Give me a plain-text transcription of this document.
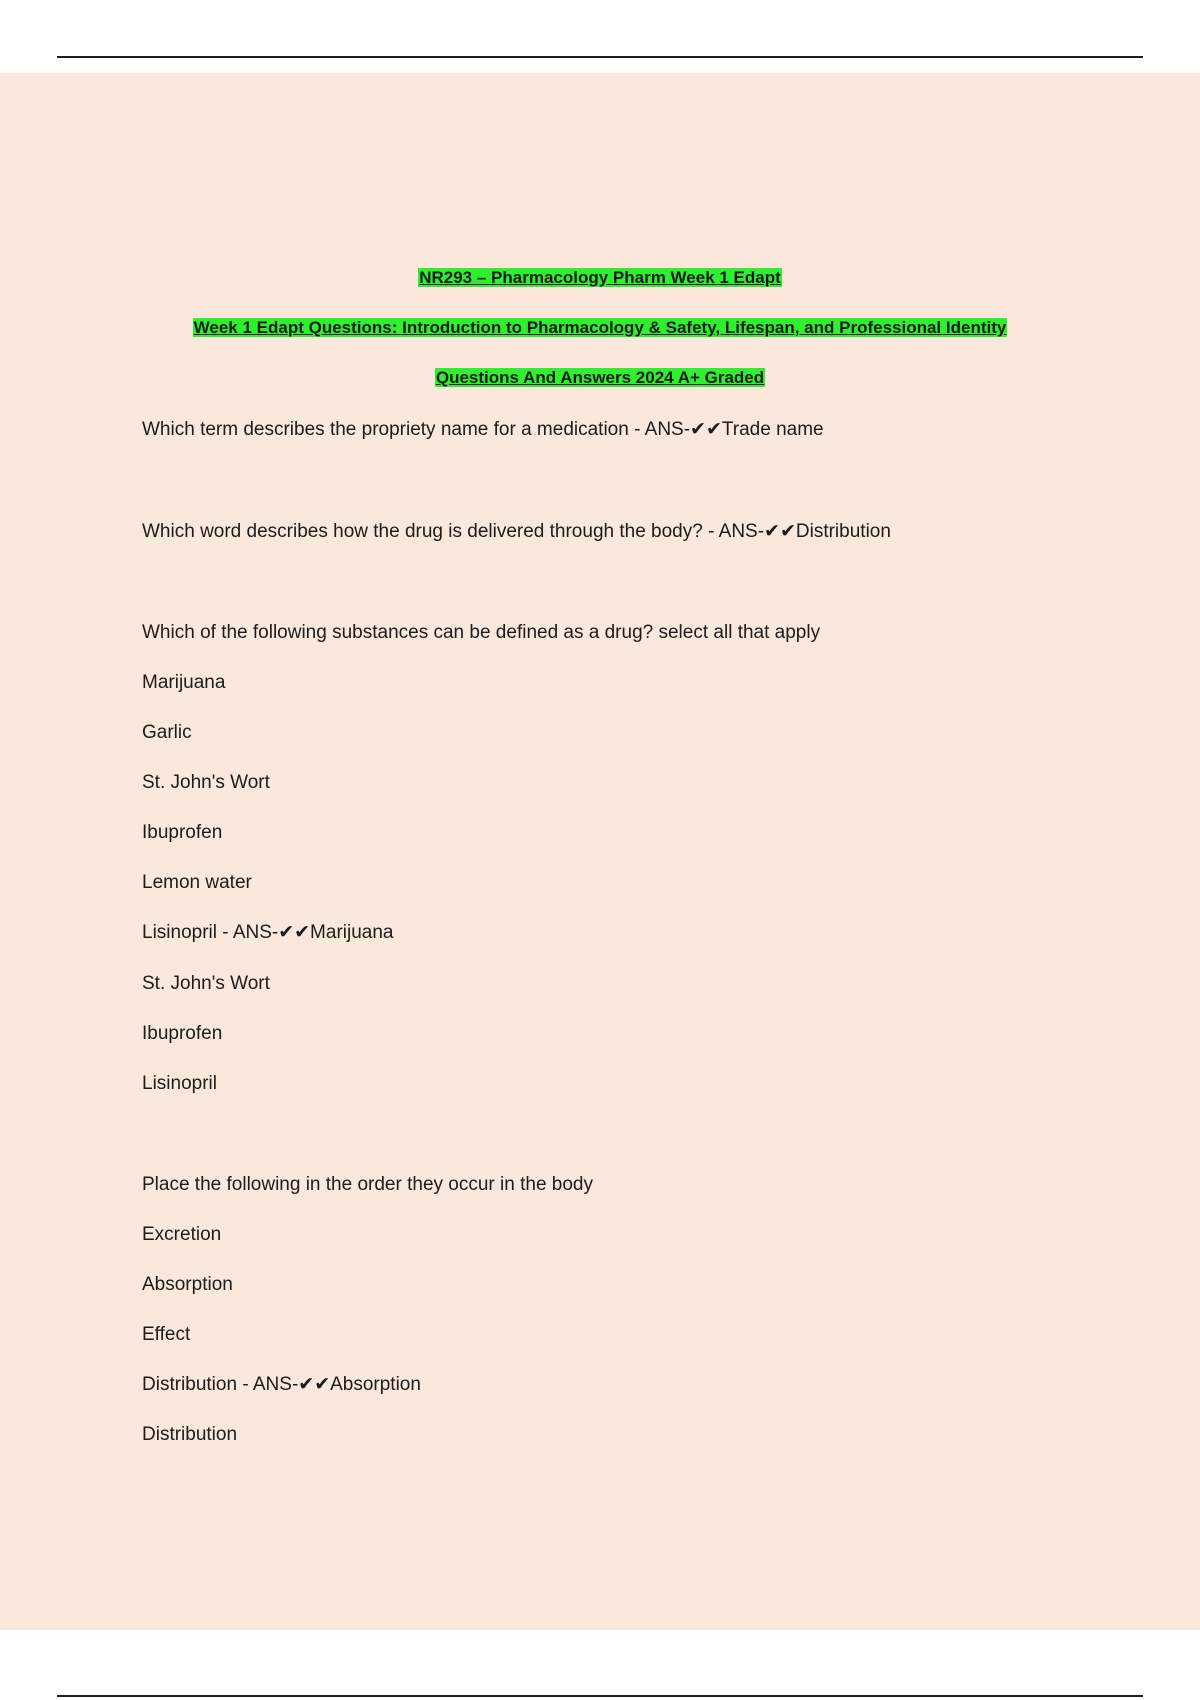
NR293 – Pharmacology Pharm Week 1 Edapt
Week 1 Edapt Questions: Introduction to Pharmacology & Safety, Lifespan, and Professional Identity
Questions And Answers 2024 A+ Graded
Which term describes the propriety name for a medication - ANS-✔✔Trade name
Which word describes how the drug is delivered through the body? - ANS-✔✔Distribution
Which of the following substances can be defined as a drug? select all that apply
Marijuana
Garlic
St. John's Wort
Ibuprofen
Lemon water
Lisinopril - ANS-✔✔Marijuana
St. John's Wort
Ibuprofen
Lisinopril
Place the following in the order they occur in the body
Excretion
Absorption
Effect
Distribution - ANS-✔✔Absorption
Distribution
